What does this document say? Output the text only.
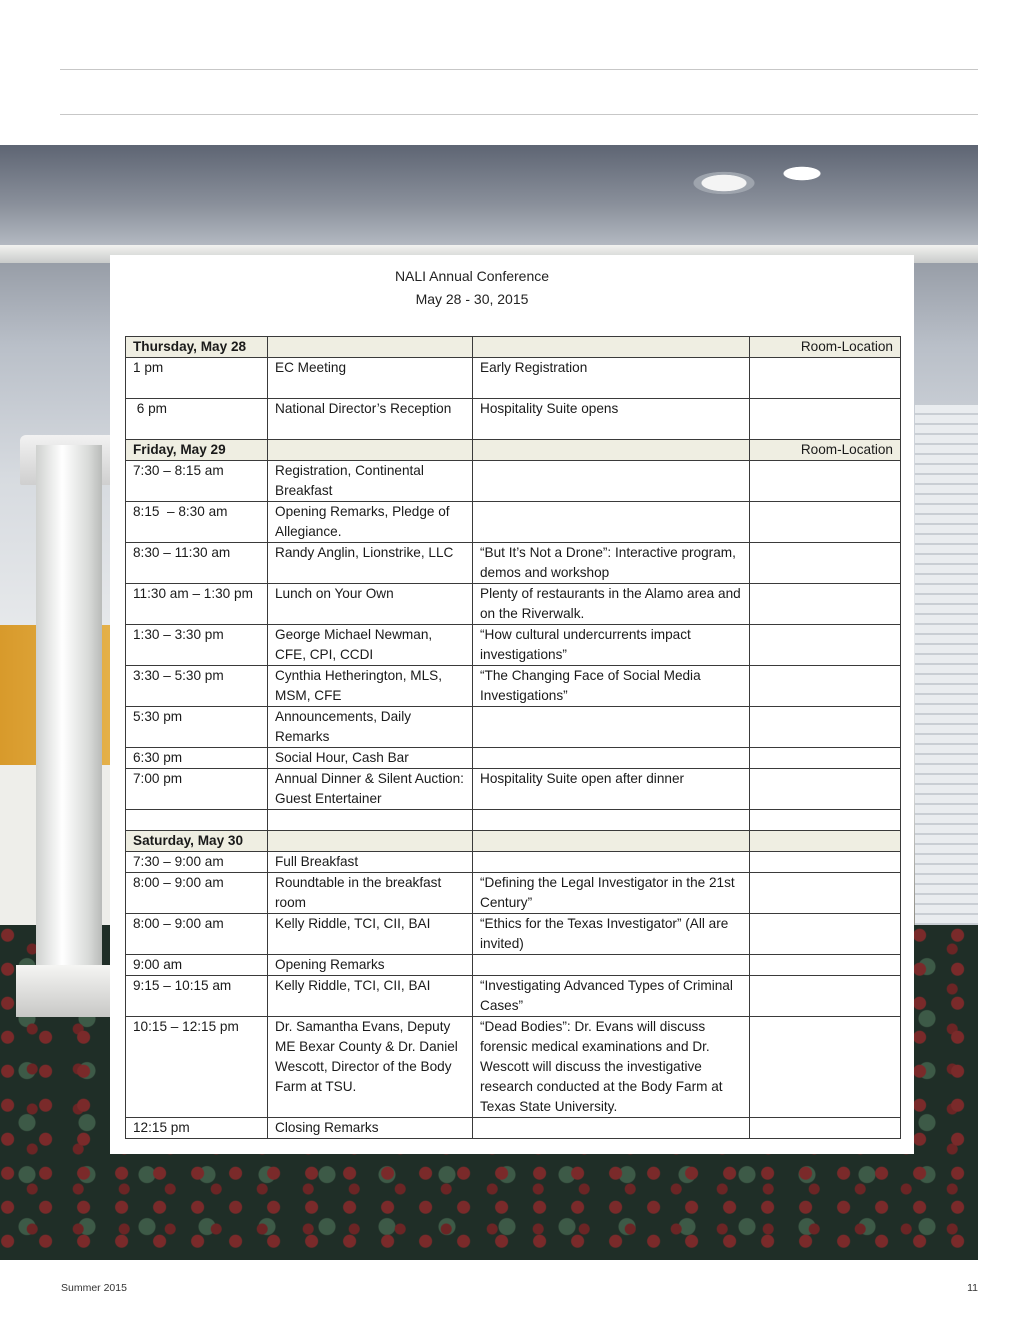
NALI Annual Conference
May 28 - 30, 2015
Thursday, May 28			Room-Location
1 pm	EC Meeting	Early Registration	
6 pm	National Director’s Reception	Hospitality Suite opens	
Friday, May 29			Room-Location
7:30 – 8:15 am	Registration, Continental Breakfast		
8:15  – 8:30 am	Opening Remarks, Pledge of Allegiance.		
8:30 – 11:30 am	Randy Anglin, Lionstrike, LLC	“But It’s Not a Drone”: Interactive program, demos and workshop	
11:30 am – 1:30 pm	Lunch on Your Own	Plenty of restaurants in the Alamo area and on the Riverwalk.	
1:30 – 3:30 pm	George Michael Newman, CFE, CPI, CCDI	“How cultural undercurrents impact investigations”	
3:30 – 5:30 pm	Cynthia Hetherington, MLS, MSM, CFE	“The Changing Face of Social Media Investigations”	
5:30 pm	Announcements, Daily Remarks		
6:30 pm	Social Hour, Cash Bar		
7:00 pm	Annual Dinner & Silent Auction: Guest Entertainer	Hospitality Suite open after dinner	

Saturday, May 30			
7:30 – 9:00 am	Full Breakfast		
8:00 – 9:00 am	Roundtable in the breakfast room	“Defining the Legal Investigator in the 21st Century”	
8:00 – 9:00 am	Kelly Riddle, TCI, CII, BAI	“Ethics for the Texas Investigator” (All are invited)	
9:00 am	Opening Remarks		
9:15 – 10:15 am	Kelly Riddle, TCI, CII, BAI	“Investigating Advanced Types of Criminal Cases”	
10:15 – 12:15 pm	Dr. Samantha Evans, Deputy ME Bexar County & Dr. Daniel Wescott, Director of the Body Farm at TSU.	“Dead Bodies”: Dr. Evans will discuss forensic medical examinations and Dr. Wescott will discuss the investigative research conducted at the Body Farm at Texas State University.	
12:15 pm	Closing Remarks		
Summer 2015	11
